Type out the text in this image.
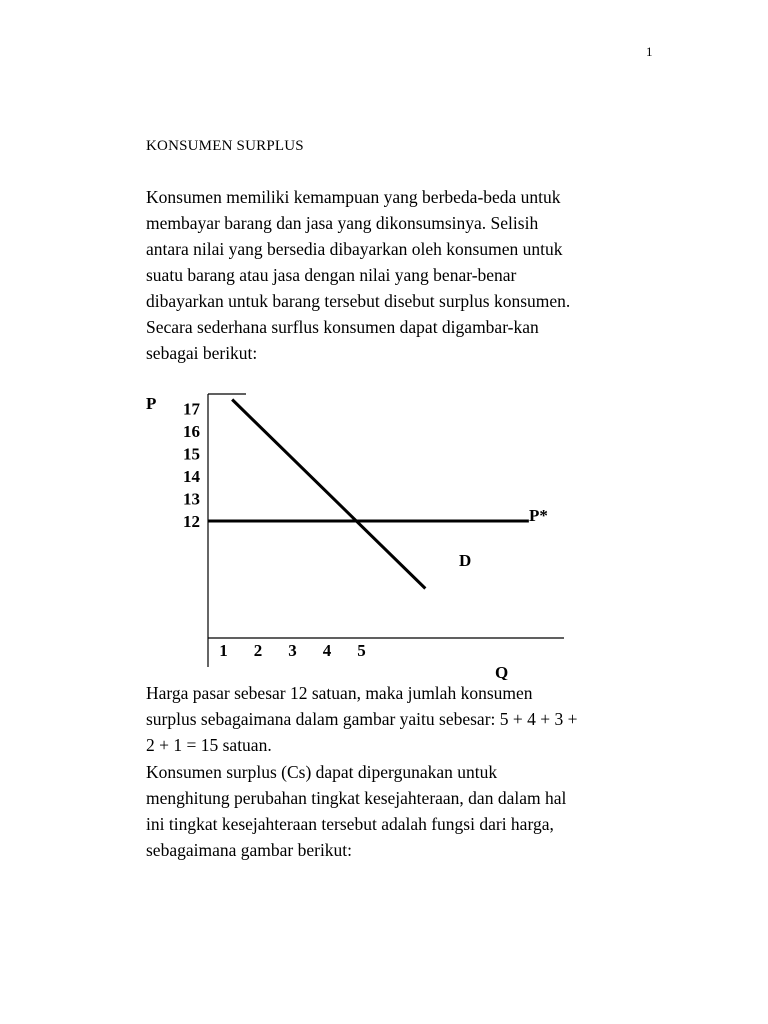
1
KONSUMEN SURPLUS

Konsumen memiliki kemampuan yang berbeda-beda untuk
membayar barang dan jasa yang dikonsumsinya. Selisih
antara nilai yang bersedia dibayarkan oleh konsumen untuk
suatu barang atau jasa dengan nilai yang benar-benar
dibayarkan untuk barang tersebut disebut surplus konsumen.
Secara sederhana surflus konsumen dapat digambar-kan
sebagai berikut:

P
Q
17
16
15
14
13
12
1 2 3 4 5
P*
D

Harga pasar sebesar 12 satuan, maka jumlah konsumen
surplus sebagaimana dalam gambar yaitu sebesar: 5 + 4 + 3 +
2 + 1 = 15 satuan.

Konsumen surplus (Cs) dapat dipergunakan untuk
menghitung perubahan tingkat kesejahteraan, dan dalam hal
ini tingkat kesejahteraan tersebut adalah fungsi dari harga,
sebagaimana gambar berikut:
